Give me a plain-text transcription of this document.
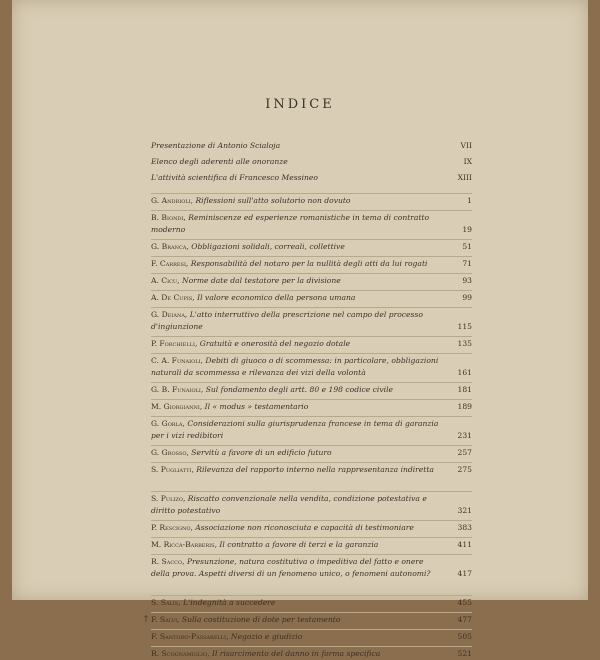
INDICE
Presentazione di Antonio Scialoja	VII
Elenco degli aderenti alle onoranze	IX
L'attività scientifica di Francesco Messineo	XIII
G. Andrioli, Riflessioni sull'atto solutorio non dovuto	1
B. Biondi, Reminiscenze ed esperienze romanistiche in tema di contratto moderno	19
G. Branca, Obbligazioni solidali, correali, collettive	51
F. Carresi, Responsabilità del notaro per la nullità degli atti da lui rogati	71
A. Cicu, Norme date dal testatore per la divisione	93
A. De Cupis, Il valore economico della persona umana	99
G. Deiana, L'atto interruttivo della prescrizione nel campo del processo d'ingiunzione	115
P. Forchielli, Gratuità e onerosità del negozio dotale	135
C. A. Funaioli, Debiti di giuoco o di scommessa: in particolare, obbligazioni naturali da scommessa e rilevanza dei vizi della volontà	161
G. B. Funaioli, Sul fondamento degli artt. 80 e 198 codice civile	181
M. Giorgianni, Il « modus » testamentario	189
G. Gorla, Considerazioni sulla giurisprudenza francese in tema di garanzia per i vizi redibitori	231
G. Grosso, Servitù a favore di un edificio futuro	257
S. Pugliatti, Rilevanza del rapporto interno nella rappresentanza indiretta	275
S. Pulizo, Riscatto convenzionale nella vendita, condizione potestativa e diritto potestativo	321
P. Rescigno, Associazione non riconosciuta e capacità di testimoniare	383
M. Riccà-Barberis, Il contratto a favore di terzi e la garanzia	411
R. Sacco, Presunzione, natura costitutiva o impeditiva del fatto e onere della prova. Aspetti diversi di un fenomeno unico, o fenomeni autonomi?	417
S. Salis, L'indegnità a succedere	455
F. Salvi, Sulla costituzione di dote per testamento	477
†
F. Santoro-Passarelli, Negozio e giudizio	505
R. Scognamiglio, Il risarcimento del danno in forma specifica	521
